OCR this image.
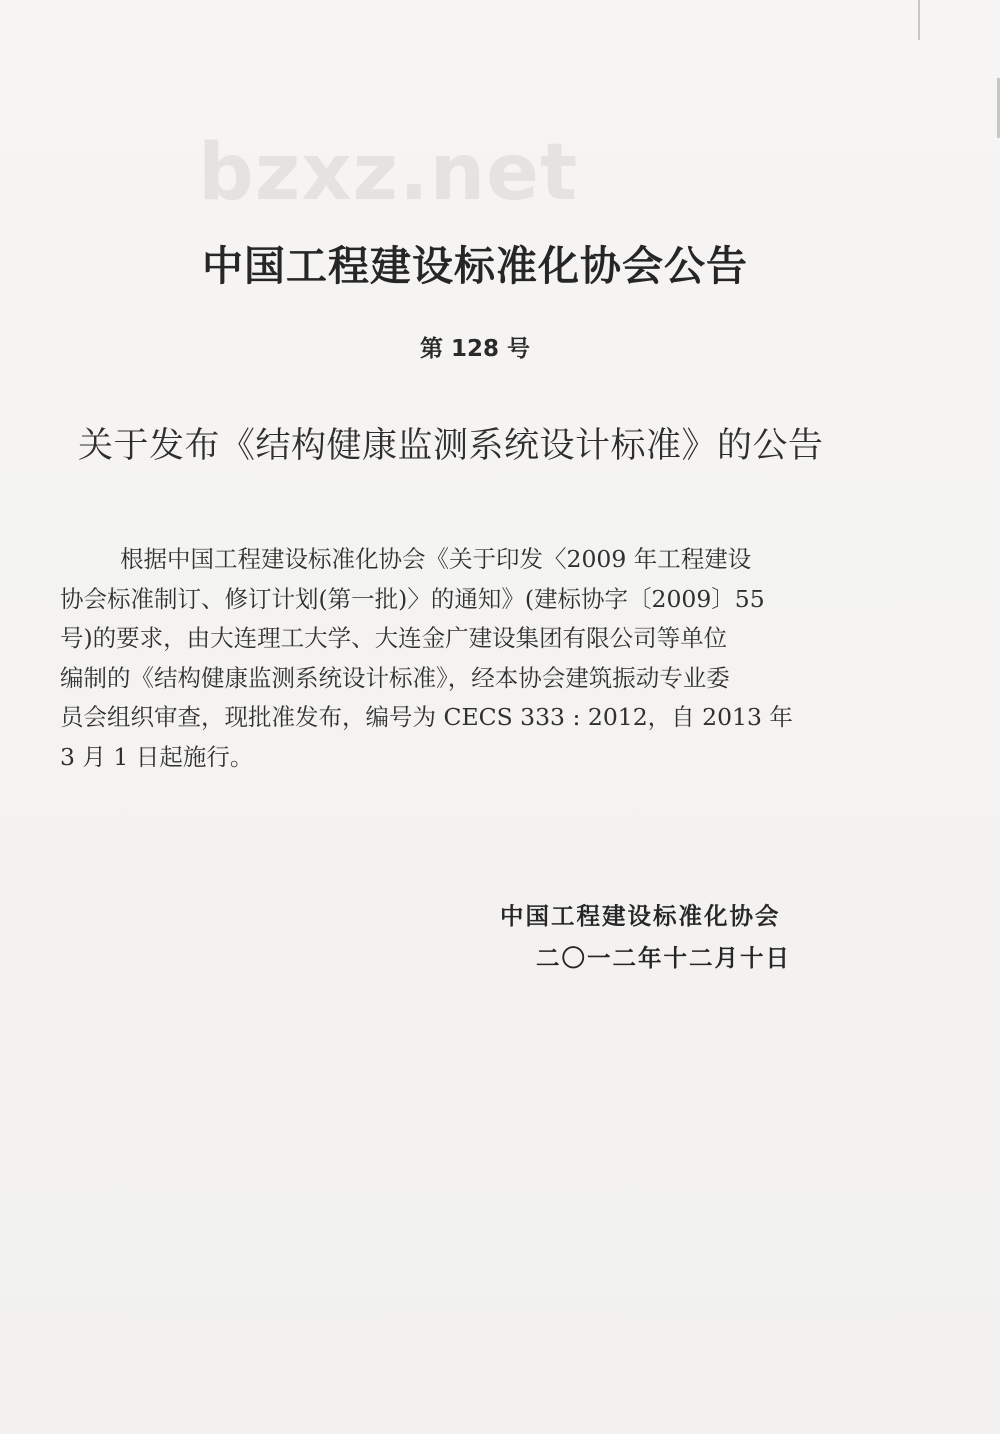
bzxz.net
中国工程建设标准化协会公告
第 128 号
关于发布《结构健康监测系统设计标准》的公告
根据中国工程建设标准化协会《关于印发〈2009 年工程建设
协会标准制订、修订计划(第一批)〉的通知》(建标协字〔2009〕55
号)的要求，由大连理工大学、大连金广建设集团有限公司等单位
编制的《结构健康监测系统设计标准》，经本协会建筑振动专业委
员会组织审查，现批准发布，编号为 CECS 333 : 2012，自 2013 年
3 月 1 日起施行。
中国工程建设标准化协会
二〇一二年十二月十日
